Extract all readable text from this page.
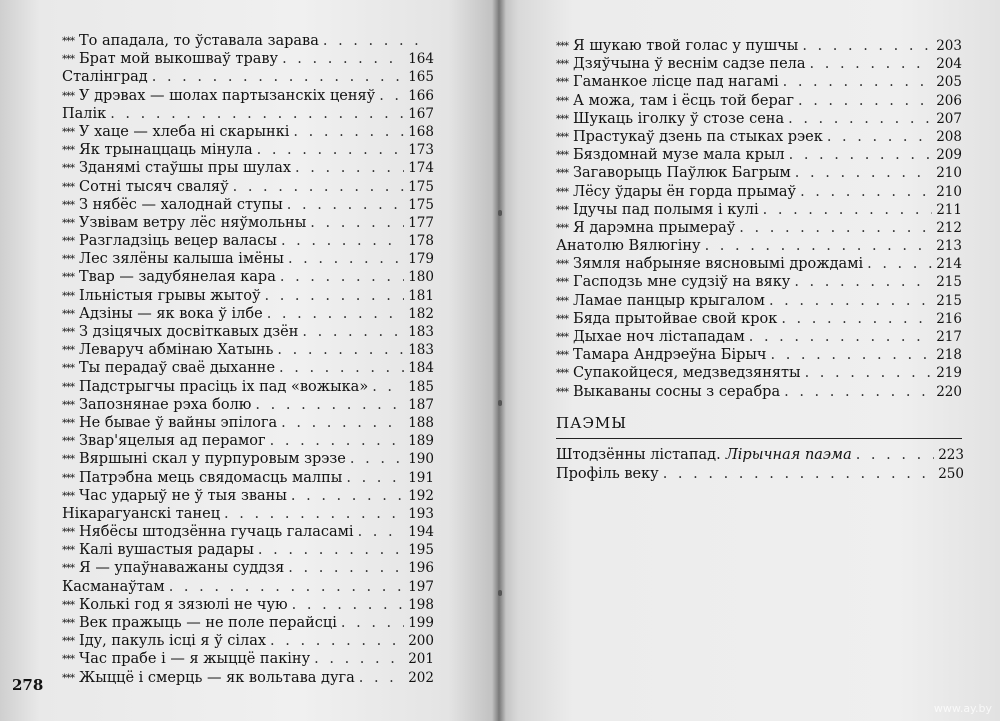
*** То ападала, то ўставала зарава
. . .
*** Брат мой выкошваў траву . . .	164
Сталінград . . .	165
*** У дрэвах — шолах партызанскіх ценяў . . . 166
Палік . . .	167
*** У хаце — хлеба ні скарынкі . . .	168
*** Як трынаццаць мінула . . .	173
*** Зданямі стаўшы пры шулах . . .	174
*** Сотні тысяч сваляў . . .	175
*** З нябёс — халоднай ступы . . .	175
*** Узвівам ветру лёс няўмольны . . .	177
*** Разгладзіць вецер валасы . . .	178
*** Лес зялёны калыша імёны . . .	179
*** Твар — задубянелая кара . . .	180
*** Ільністыя грывы жытоў . . .	181
*** Адзіны — як вока ў ілбе . . .	182
*** З дзіцячых досвіткавых дзён . . .	183
*** Леваруч абмінаю Хатынь . . .	183
*** Ты перадаў сваё дыханне . . .	184
*** Падстрыгчы прасіць іх пад «вожыка» . . .	185
*** Запознянае рэха болю . . .	187
*** Не бывае ў вайны эпілога . . .	188
*** Звар'яцелыя ад перамог . . .	189
*** Вяршыні скал у пурпуровым зрэзе . . .	190
*** Патрэбна мець свядомасць малпы . . .	191
*** Час ударыў не ў тыя званы . . .	192
Нікарагуанскі танец . . .	193
*** Нябёсы штодзённа гучаць галасамі . . .	194
*** Калі вушастыя радары . . .	195
*** Я — упаўнаважаны суддзя . . .	196
Касманаўтам . . .	197
*** Колькі год я зязюлі не чую . . .	198
*** Век пражыць — не поле перайсці . . .	199
*** Іду, пакуль ісці я ў сілах . . .	200
*** Час прабе і — я жыццё пакіну . . .	201
*** Жыццё і смерць — як вольтава дуга . . .	202
278
*** Я шукаю твой голас у пушчы . . .	203
*** Дзяўчына ў веснім садзе пела . . .	204
*** Гаманкое лісце пад нагамі . . .	205
*** А можа, там і ёсць той бераг . . .	206
*** Шукаць іголку ў стозе сена . . .	207
*** Прастукаў дзень па стыках рэек . . .	208
*** Бяздомнай музе мала крыл . . .	209
*** Загаворыць Паўлюк Багрым . . .	210
*** Лёсу ўдары ён горда прымаў . . .	210
*** Ідучы пад полымя і кулі . . .	211
*** Я дарэмна прымераў . . .	212
Анатолю Вялюгіну . . .	213
*** Зямля набрыняе вясновымі дрождамі . . .	214
*** Гасподзь мне судзіў на вяку . . .	215
*** Ламае панцыр крыгалом . . .	215
*** Бяда прытойвае свой крок . . .	216
*** Дыхае ноч лістападам . . .	217
*** Тамара Андрэеўна Бірыч . . .	218
*** Супакойцеся, медзведзяняты . . .	219
*** Выкаваны сосны з серабра . . .	220
ПАЭМЫ
Штодзённы лістапад. Лірычная паэма . . .	223
Профіль веку . . .	250
www.ay.by
